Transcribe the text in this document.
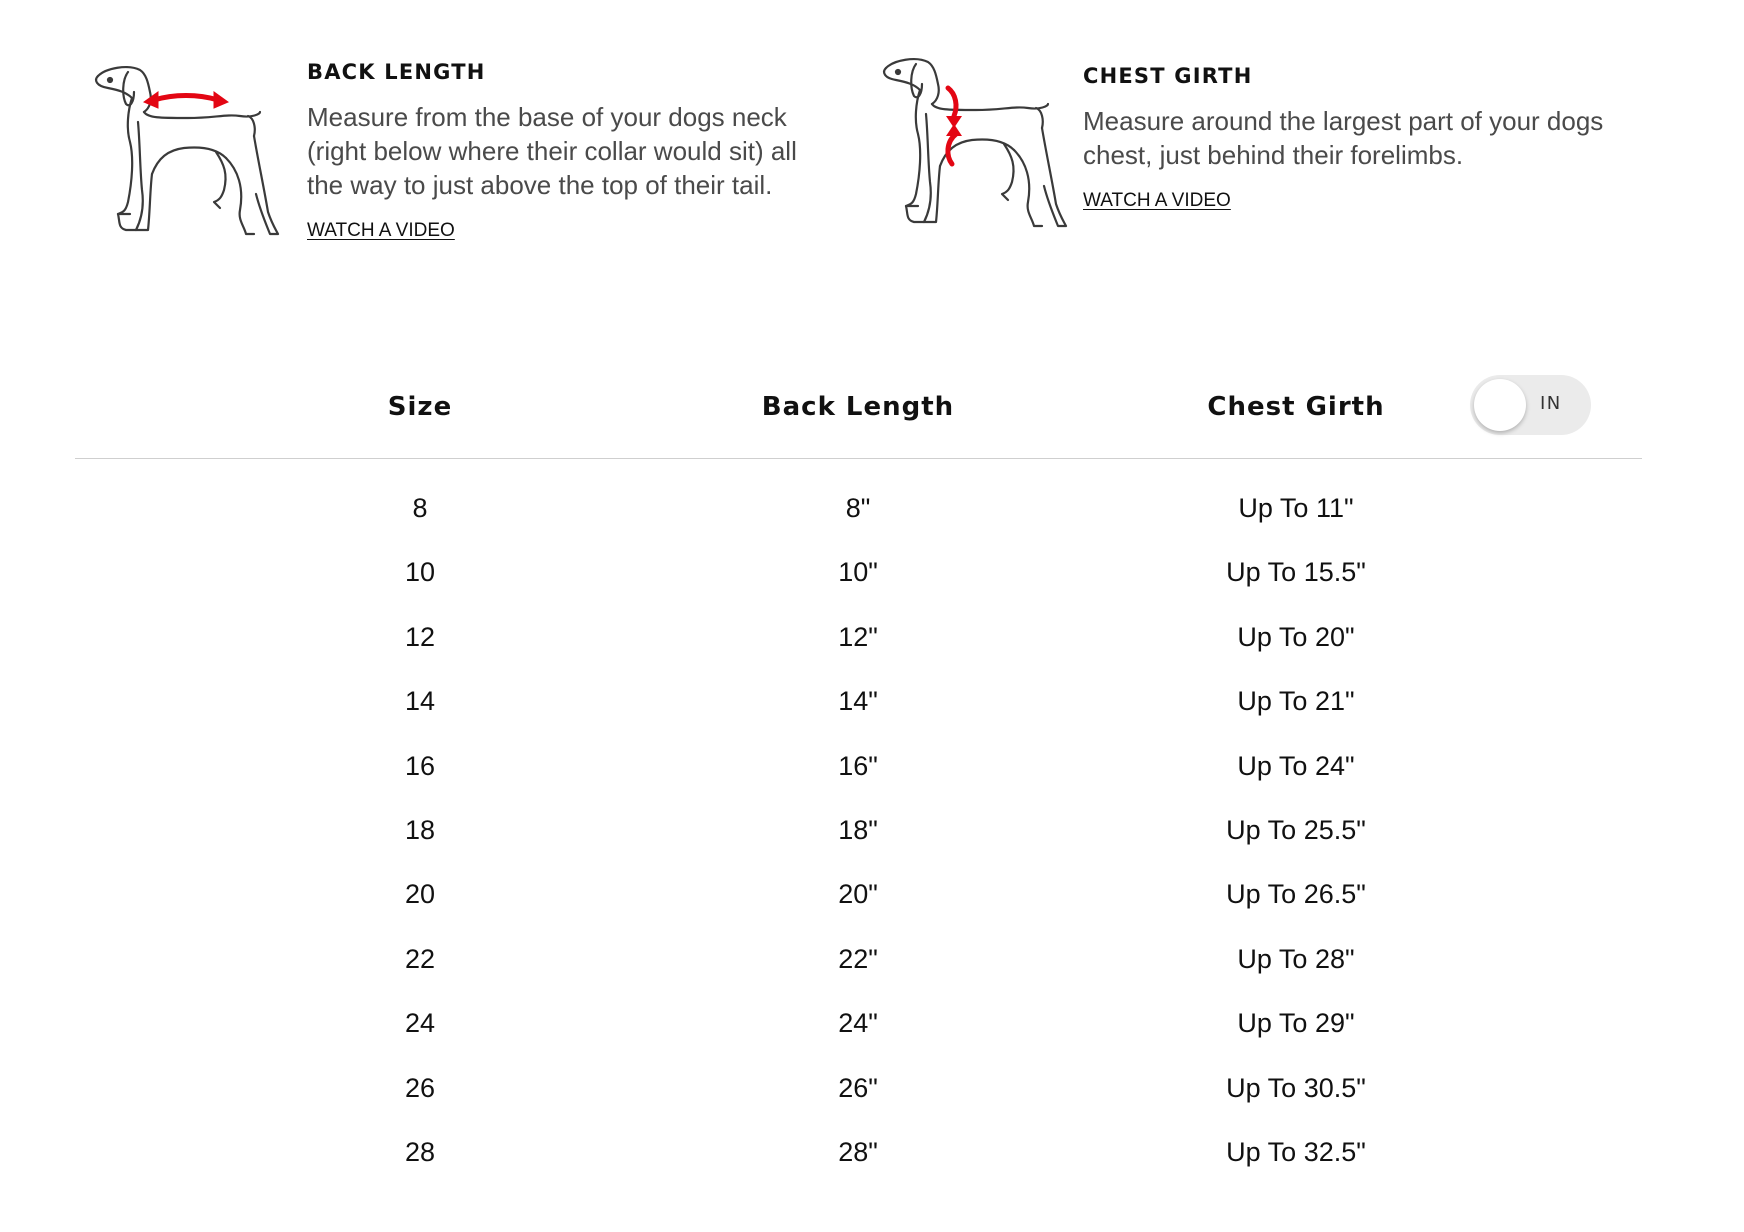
BACK LENGTH

Measure from the base of your dogs neck (right below where their collar would sit) all the way to just above the top of their tail.

WATCH A VIDEO
CHEST GIRTH

Measure around the largest part of your dogs chest, just behind their forelimbs.

WATCH A VIDEO
Size	Back Length	Chest Girth	IN
8	8"	Up To 11"
10	10"	Up To 15.5"
12	12"	Up To 20"
14	14"	Up To 21"
16	16"	Up To 24"
18	18"	Up To 25.5"
20	20"	Up To 26.5"
22	22"	Up To 28"
24	24"	Up To 29"
26	26"	Up To 30.5"
28	28"	Up To 32.5"
